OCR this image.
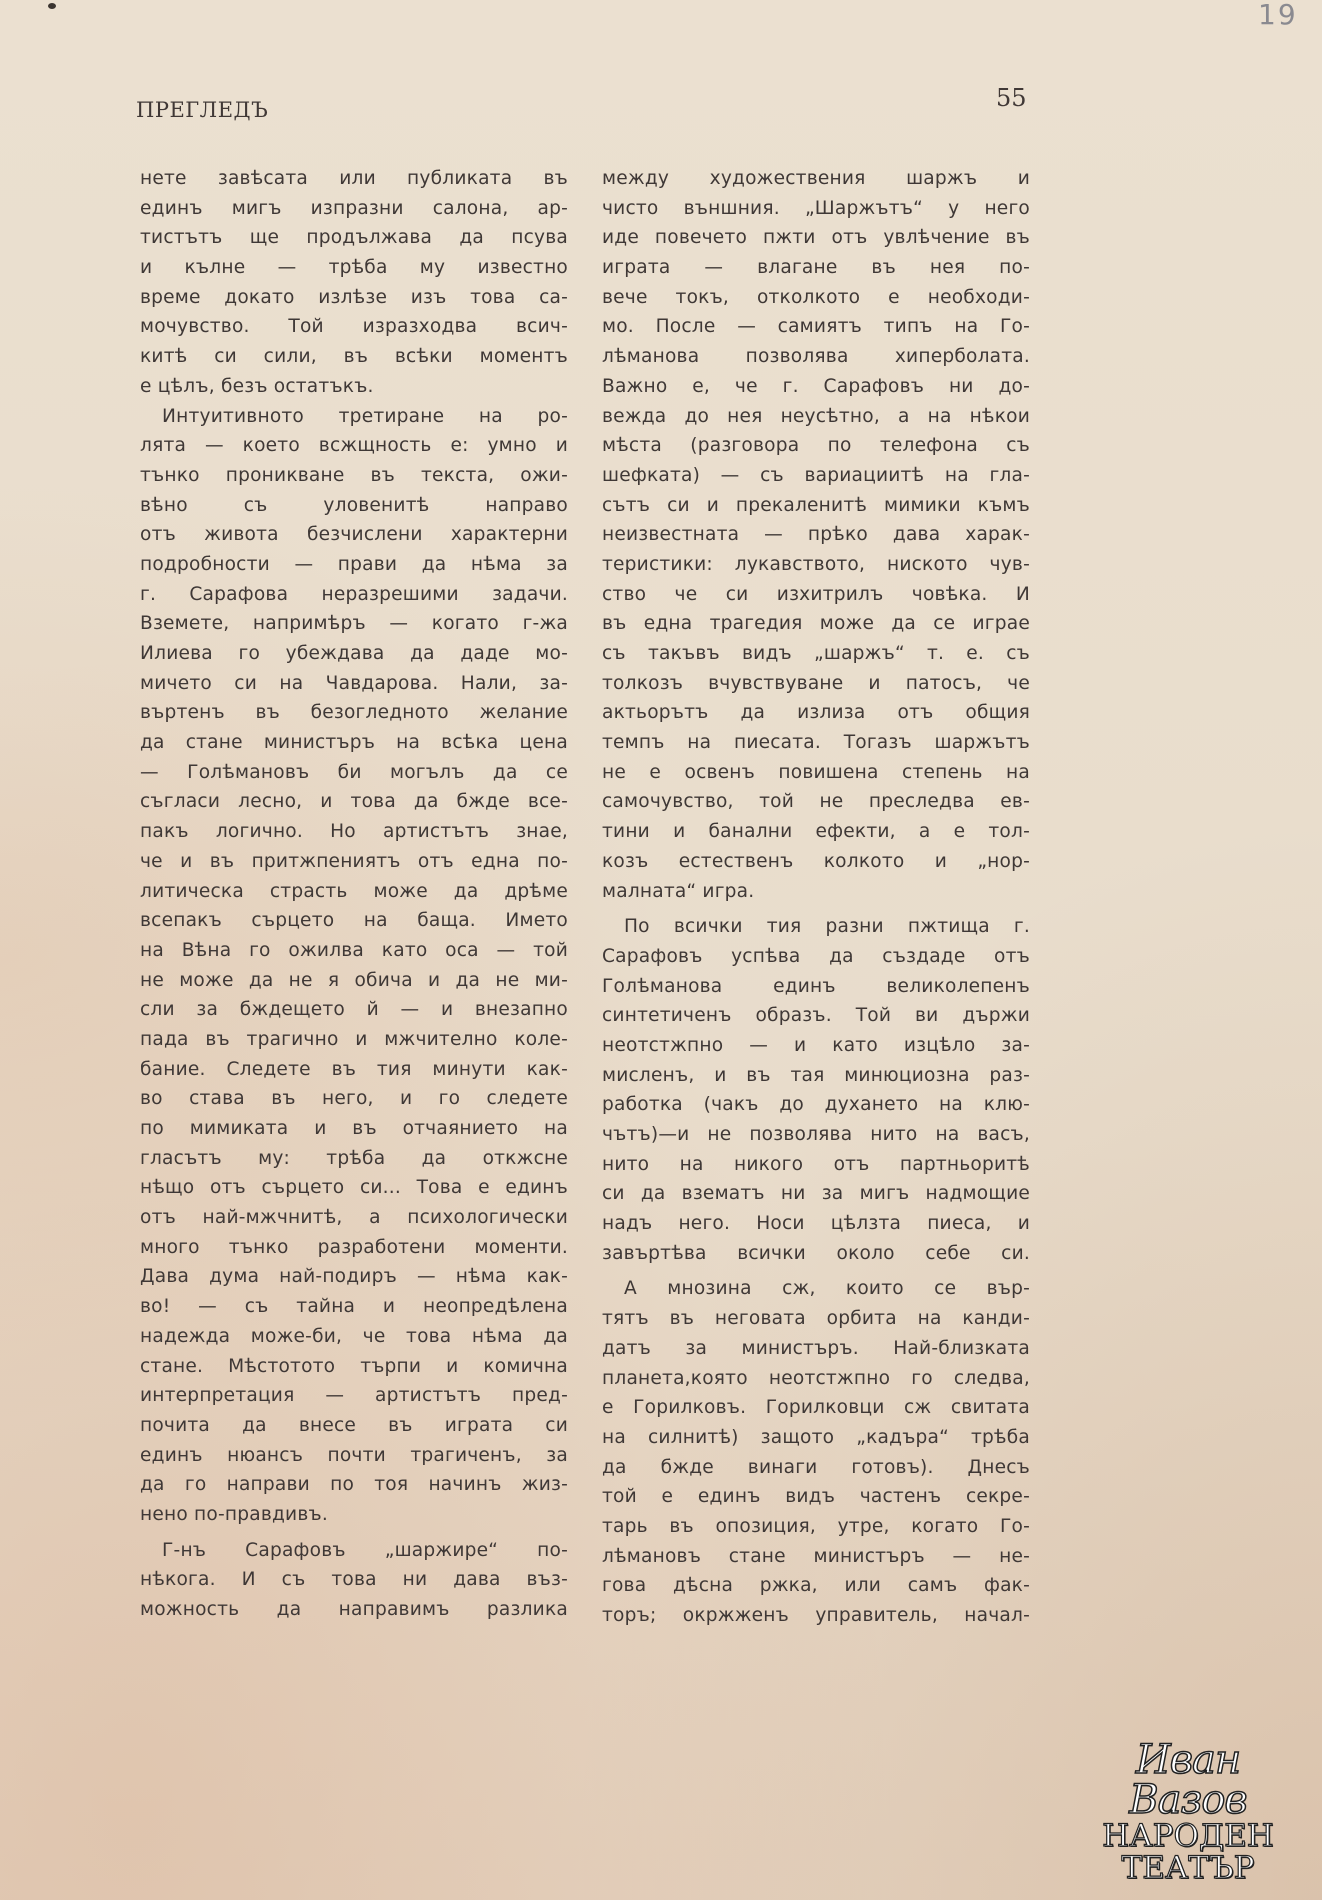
19
ПРЕГЛЕДЪ	55
нете завѣсата или публиката въ
единъ мигъ изпразни салона, ар-
тистътъ ще продължава да псува
и кълне — трѣба му известно
време докато излѣзе изъ това са-
мочувство. Той изразходва всич-
китѣ си сили, въ всѣки моментъ
е цѣлъ, безъ остатъкъ.
Интуитивното третиране на ро-
лята — което всжщность е: умно и
тънко проникване въ текста, ожи-
вѣно съ уловенитѣ направо
отъ живота безчислени характерни
подробности — прави да нѣма за
г. Сарафова неразрешими задачи.
Вземете, напримѣръ — когато г-жа
Илиева го убеждава да даде мо-
мичето си на Чавдарова. Нали, за-
въртенъ въ безогледното желание
да стане министъръ на всѣка цена
— Голѣмановъ би могълъ да се
съгласи лесно, и това да бжде все-
пакъ логично. Но артистътъ знае,
че и въ притжпениятъ отъ една по-
литическа страсть може да дрѣме
всепакъ сърцето на баща. Името
на Вѣна го ожилва като оса — той
не може да не я обича и да не ми-
сли за бждещето й — и внезапно
пада въ трагично и мжчително коле-
бание. Следете въ тия минути как-
во става въ него, и го следете
по мимиката и въ отчаянието на
гласътъ му: трѣба да откжсне
нѣщо отъ сърцето си... Това е единъ
отъ най-мжчнитѣ, а психологически
много тънко разработени моменти.
Дава дума най-подиръ — нѣма как-
во! — съ тайна и неопредѣлена
надежда може-би, че това нѣма да
стане. Мѣстотото търпи и комична
интерпретация — артистътъ пред-
почита да внесе въ играта си
единъ нюансъ почти трагиченъ, за
да го направи по тоя начинъ жиз-
нено по-правдивъ.
Г-нъ Сарафовъ „шаржире“ по-
нѣкога. И съ това ни дава въз-
можность да направимъ разлика
между художествения шаржъ и
чисто външния. „Шаржътъ“ у него
иде повечето пжти отъ увлѣчение въ
играта — влагане въ нея по-
вече токъ, отколкото е необходи-
мо. После — самиятъ типъ на Го-
лѣманова позволява хиперболата.
Важно е, че г. Сарафовъ ни до-
вежда до нея неусѣтно, а на нѣкои
мѣста (разговора по телефона съ
шефката) — съ вариациитѣ на гла-
сътъ си и прекаленитѣ мимики къмъ
неизвестната — прѣко дава харак-
теристики: лукавството, ниското чув-
ство че си изхитрилъ човѣка. И
въ една трагедия може да се играе
съ такъвъ видъ „шаржъ“ т. е. съ
толкозъ вчувствуване и патосъ, че
актьорътъ да излиза отъ общия
темпъ на пиесата. Тогазъ шаржътъ
не е освенъ повишена степень на
самочувство, той не преследва ев-
тини и банални ефекти, а е тол-
козъ естественъ колкото и „нор-
малната“ игра.
По всички тия разни пжтища г.
Сарафовъ успѣва да създаде отъ
Голѣманова единъ великолепенъ
синтетиченъ образъ. Той ви държи
неотстжпно — и като изцѣло за-
мисленъ, и въ тая минюциозна раз-
работка (чакъ до духането на клю-
чътъ)—и не позволява нито на васъ,
нито на никого отъ партньоритѣ
си да взематъ ни за мигъ надмощие
надъ него. Носи цѣлзта пиеса, и
завъртѣва всички около себе си.
А мнозина сж, които се вър-
тятъ въ неговата орбита на канди-
датъ за министъръ. Най-близката
планета,която неотстжпно го следва,
е Горилковъ. Горилковци сж свитата
на силнитѣ) защото „кадъра“ трѣба
да бжде винаги готовъ). Днесъ
той е единъ видъ частенъ секре-
тарь въ опозиция, утре, когато Го-
лѣмановъ стане министъръ — не-
гова дѣсна ржка, или самъ фак-
торъ; окржженъ управитель, начал-
Иван Вазов
НАРОДЕН
ТЕАТЪР
